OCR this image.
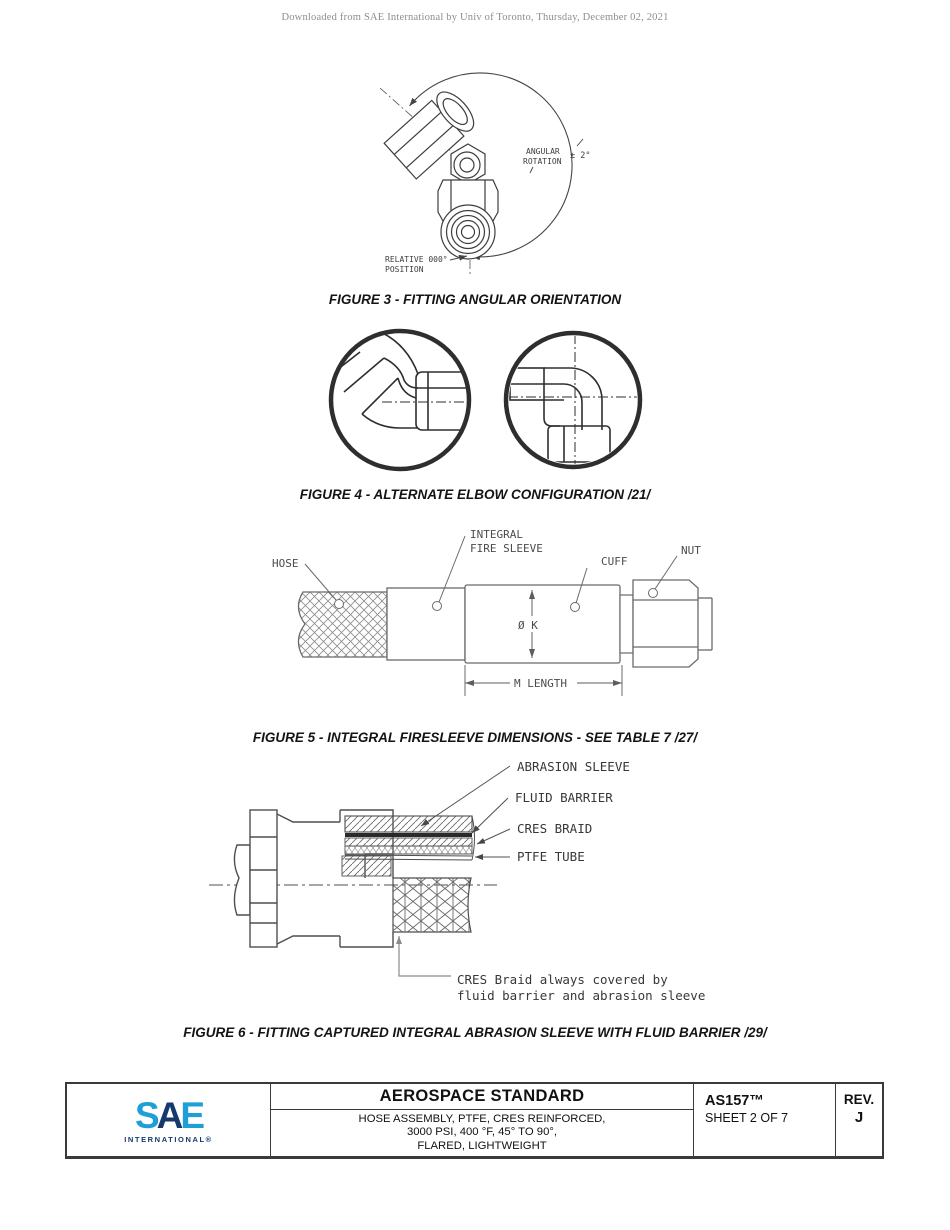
Downloaded from SAE International by Univ of Toronto, Thursday, December 02, 2021
ANGULAR
ROTATION
± 2°
RELATIVE 000°
POSITION
FIGURE 3 - FITTING ANGULAR ORIENTATION
FIGURE 4 - ALTERNATE ELBOW CONFIGURATION /21/
Ø K
M LENGTH
HOSE
INTEGRAL
FIRE SLEEVE
CUFF
NUT
FIGURE 5 - INTEGRAL FIRESLEEVE DIMENSIONS - SEE TABLE 7 /27/
ABRASION SLEEVE
FLUID BARRIER
CRES BRAID
PTFE TUBE
CRES Braid always covered by
fluid barrier and abrasion sleeve
FIGURE 6 - FITTING CAPTURED INTEGRAL ABRASION SLEEVE WITH FLUID BARRIER /29/
SAE
INTERNATIONAL®
AEROSPACE STANDARD
HOSE ASSEMBLY, PTFE, CRES REINFORCED,
3000 PSI, 400 °F, 45° TO 90°,
FLARED, LIGHTWEIGHT
AS157™
SHEET 2 OF 7
REV.
J
